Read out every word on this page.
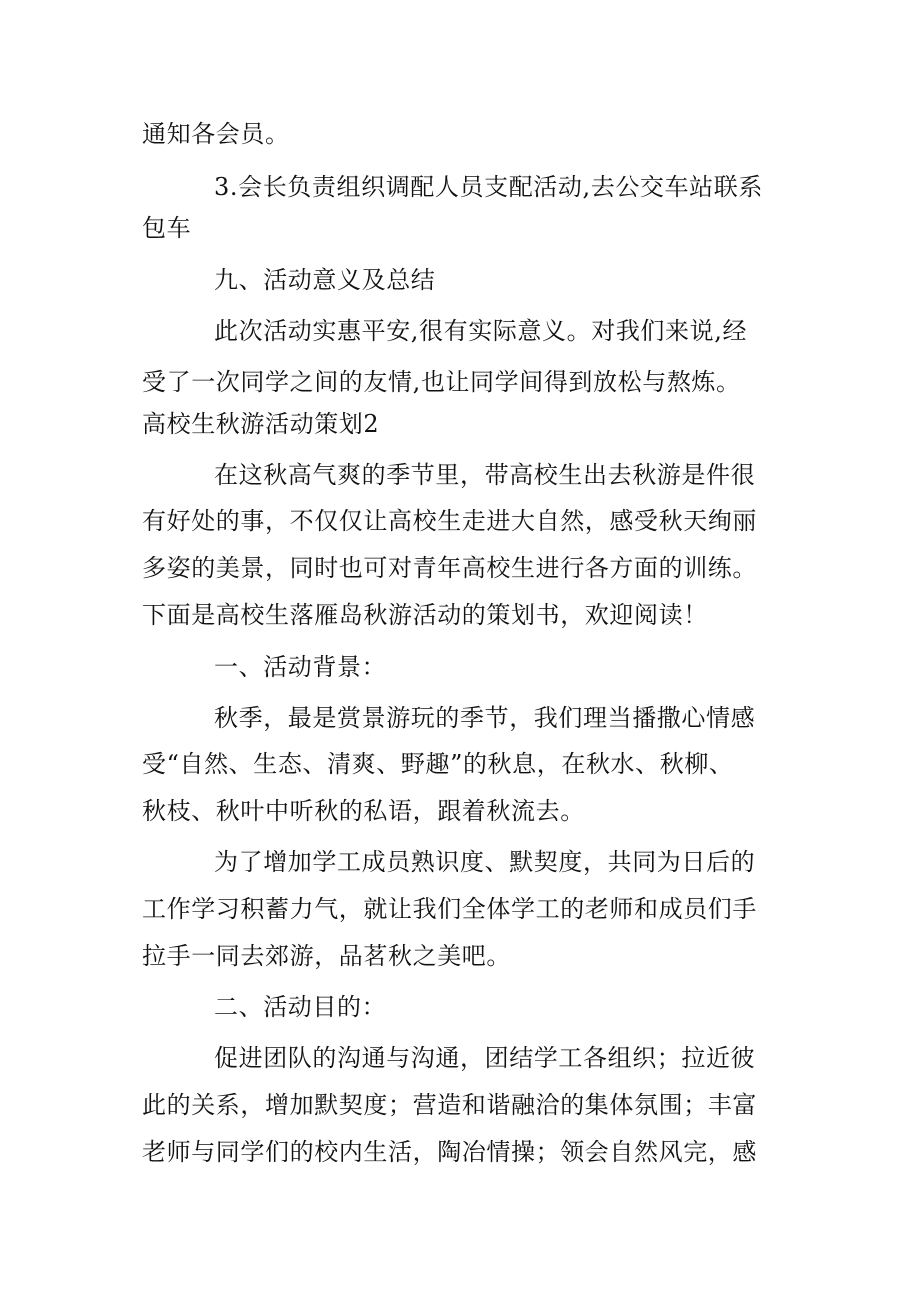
通知各会员。
3.会长负责组织调配人员支配活动,去公交车站联系
包车
九、活动意义及总结
此次活动实惠平安,很有实际意义。对我们来说,经
受了一次同学之间的友情,也让同学间得到放松与熬炼。
高校生秋游活动策划2
在这秋高气爽的季节里，带高校生出去秋游是件很
有好处的事，不仅仅让高校生走进大自然，感受秋天绚丽
多姿的美景，同时也可对青年高校生进行各方面的训练。
下面是高校生落雁岛秋游活动的策划书，欢迎阅读！
一、活动背景：
秋季，最是赏景游玩的季节，我们理当播撒心情感
受“自然、生态、清爽、野趣”的秋息，在秋水、秋柳、
秋枝、秋叶中听秋的私语，跟着秋流去。
为了增加学工成员熟识度、默契度，共同为日后的
工作学习积蓄力气，就让我们全体学工的老师和成员们手
拉手一同去郊游，品茗秋之美吧。
二、活动目的：
促进团队的沟通与沟通，团结学工各组织；拉近彼
此的关系，增加默契度；营造和谐融洽的集体氛围；丰富
老师与同学们的校内生活，陶冶情操；领会自然风完，感
